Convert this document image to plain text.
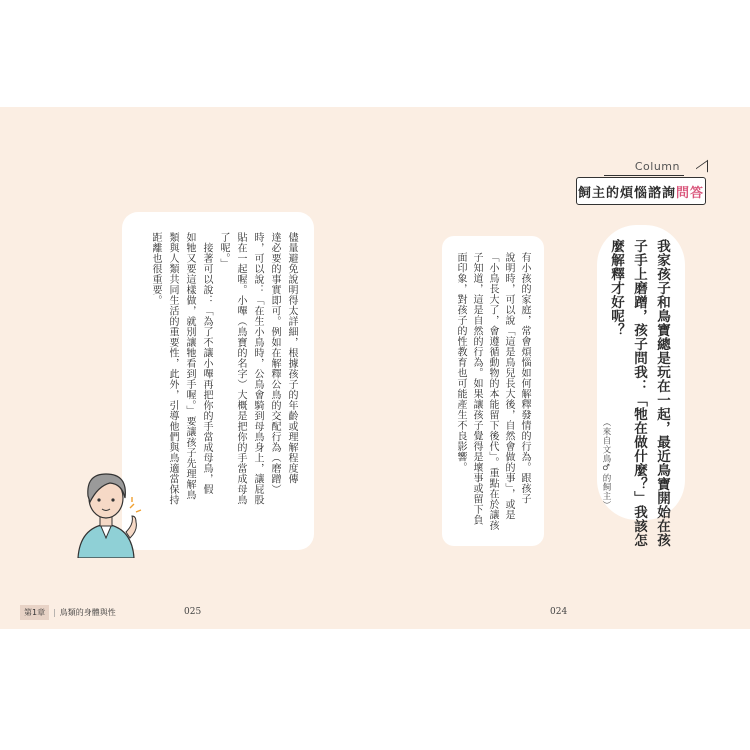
Column
飼主的煩惱諮詢 問答
我家孩子和鳥寶總是玩在一起，最近鳥寶開始在孩
子手上磨蹭，孩子問我：「牠在做什麼？」我該怎
麼解釋才好呢？
（來自文鳥♂的飼主）
有小孩的家庭，常會煩惱如何解釋發情的行為。跟孩子
說明時，可以說「這是鳥兒長大後，自然會做的事」，或是
「小鳥長大了，會遵循動物的本能留下後代」。重點在於讓孩
子知道，這是自然的行為。如果讓孩子覺得是壞事或留下負
面印象，對孩子的性教育也可能產生不良影響。
儘量避免說明得太詳細，根據孩子的年齡或理解程度傳
達必要的事實即可。例如在解釋公鳥的交配行為（磨蹭）
時，可以說：「在生小鳥時，公鳥會騎到母鳥身上，讓屁股
貼在一起喔。小嗶（鳥寶的名字）大概是把你的手當成母鳥
了呢。」
　接著可以說：「為了不讓小嗶再把你的手當成母鳥，假
如牠又要這樣做，就別讓牠看到手喔。」要讓孩子先理解鳥
類與人類共同生活的重要性，此外，引導他們與鳥適當保持
距離也很重要。
第1章	| 鳥類的身體與性	025	024
